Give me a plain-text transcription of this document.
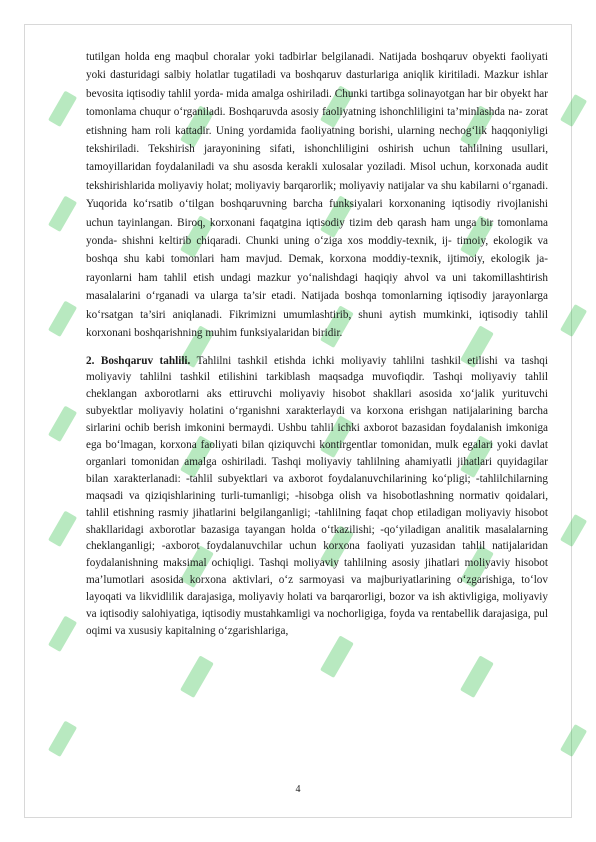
tutilgan holda eng maqbul choralar yoki tadbirlar belgilanadi. Natijada boshqaruv obyekti faoliyati yoki dasturidagi salbiy holatlar tugatiladi va boshqaruv dasturlariga aniqlik kiritiladi. Mazkur ishlar bevosita iqtisodiy tahlil yorda- mida amalga oshiriladi. Chunki tartibga solinayotgan har bir obyekt har tomonlama chuqur o‘rganiladi. Boshqaruvda asosiy faoliyatning ishonchliligini ta’minlashda na- zorat etishning ham roli kattadir. Uning yordamida faoliyatning borishi, ularning nechog‘lik haqqoniyligi tekshiriladi. Tekshirish jarayonining sifati, ishonchliligini oshirish uchun tahlilning usullari, tamoyillaridan foydalaniladi va shu asosda kerakli xulosalar yoziladi. Misol uchun, korxonada audit tekshirishlarida moliyaviy holat; moliyaviy barqarorlik; moliyaviy natijalar va shu kabilarni o‘rganadi. Yuqorida ko‘rsatib o‘tilgan boshqaruvning barcha funksiyalari korxonaning iqtisodiy rivojlanishi uchun tayinlangan. Biroq, korxonani faqatgina iqtisodiy tizim deb qarash ham unga bir tomonlama yonda- shishni keltirib chiqaradi. Chunki uning o‘ziga xos moddiy-texnik, ij- timoiy, ekologik va boshqa shu kabi tomonlari ham mavjud. Demak, korxona moddiy-texnik, ijtimoiy, ekologik ja- rayonlarni ham tahlil etish undagi mazkur yo‘nalishdagi haqiqiy ahvol va uni takomillashtirish masalalarini o‘rganadi va ularga ta’sir etadi. Natijada boshqa tomonlarning iqtisodiy jarayonlarga ko‘rsatgan ta’siri aniqlanadi. Fikrimizni umumlashtirib, shuni aytish mumkinki, iqtisodiy tahlil korxonani boshqarishning muhim funksiyalaridan biridir.

2. Boshqaruv tahlili. Tahlilni tashkil etishda ichki moliyaviy tahlilni tashkil etilishi va tashqi moliyaviy tahlilni tashkil etilishini tarkiblash maqsadga muvofiqdir. Tashqi moliyaviy tahlil cheklangan axborotlarni aks ettiruvchi moliyaviy hisobot shakllari asosida xo‘jalik yurituvchi subyektlar moliyaviy holatini o‘rganishni xarakterlaydi va korxona erishgan natijalarining barcha sirlarini ochib berish imkonini bermaydi. Ushbu tahlil ichki axborot bazasidan foydalanish imkoniga ega bo‘lmagan, korxona faoliyati bilan qiziquvchi kontirgentlar tomonidan, mulk egalari yoki davlat organlari tomonidan amalga oshiriladi. Tashqi moliyaviy tahlilning ahamiyatli jihatlari quyidagilar bilan xarakterlanadi: -tahlil subyektlari va axborot foydalanuvchilarining ko‘pligi; -tahlilchilarning maqsadi va qiziqishlarining turli-tumanligi; -hisobga olish va hisobotlashning normativ qoidalari, tahlil etishning rasmiy jihatlarini belgilanganligi; -tahlilning faqat chop etiladigan moliyaviy hisobot shakllaridagi axborotlar bazasiga tayangan holda o‘tkazilishi; -qo‘yiladigan analitik masalalarning cheklanganligi; -axborot foydalanuvchilar uchun korxona faoliyati yuzasidan tahlil natijalaridan foydalanishning maksimal ochiqligi. Tashqi moliyaviy tahlilning asosiy jihatlari moliyaviy hisobot ma’lumotlari asosida korxona aktivlari, o‘z sarmoyasi va majburiyatlarining o‘zgarishiga, to‘lov layoqati va likvidlilik darajasiga, moliyaviy holati va barqarorligi, bozor va ish aktivligiga, moliyaviy va iqtisodiy salohiyatiga, iqtisodiy mustahkamligi va nochorligiga, foyda va rentabellik darajasiga, pul oqimi va xususiy kapitalning o‘zgarishlariga,

4
